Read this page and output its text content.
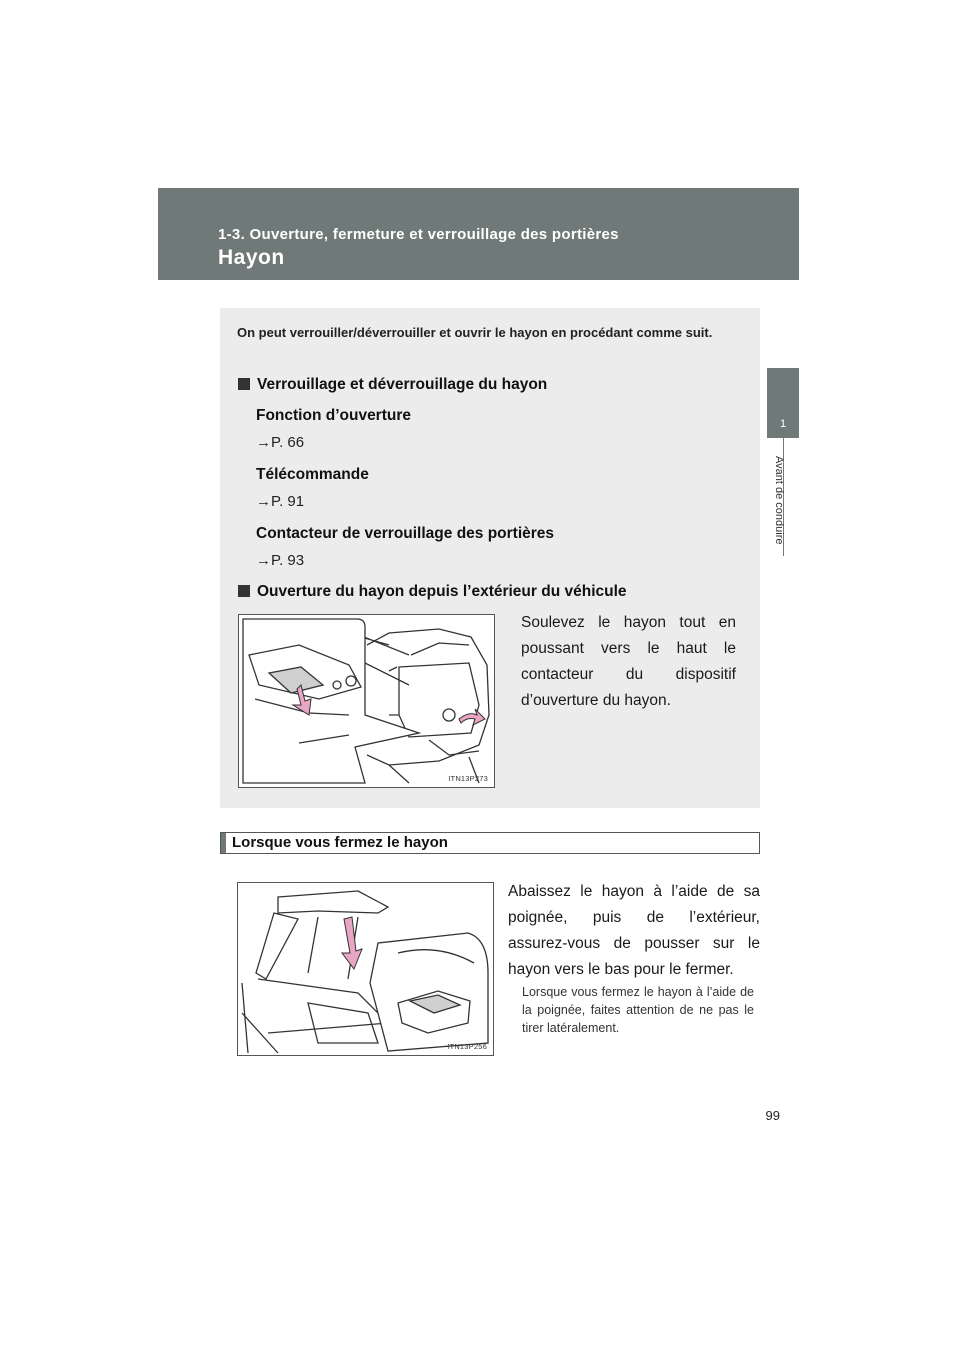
1-3. Ouverture, fermeture et verrouillage des portières
Hayon
1
Avant de conduire
On peut verrouiller/déverrouiller et ouvrir le hayon en procédant comme suit.
Verrouillage et déverrouillage du hayon
Fonction d’ouverture
→P. 66
Télécommande
→P. 91
Contacteur de verrouillage des portières
→P. 93
Ouverture du hayon depuis l’extérieur du véhicule
Soulevez le hayon tout en poussant vers le haut le contacteur du dispositif d’ouverture du hayon.
ITN13P273
Lorsque vous fermez le hayon
ITN13P256
Abaissez le hayon à l’aide de sa poignée, puis de l’extérieur, assurez-vous de pousser sur le hayon vers le bas pour le fermer.
Lorsque vous fermez le hayon à l’aide de la poignée, faites attention de ne pas le tirer latéralement.
99
